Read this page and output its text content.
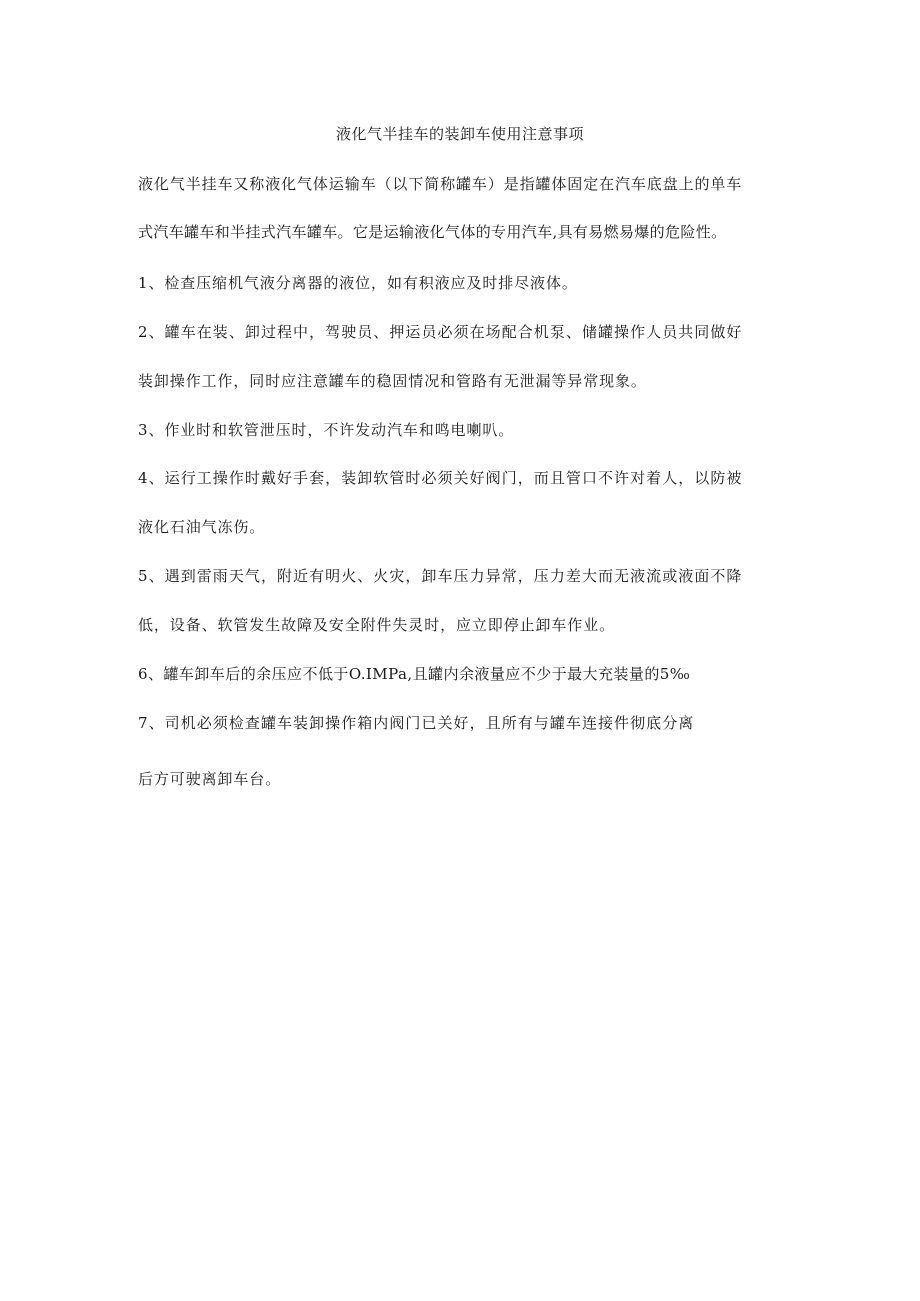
液化气半挂车的装卸车使用注意事项

液化气半挂车又称液化气体运输车（以下简称罐车）是指罐体固定在汽车底盘上的单车

式汽车罐车和半挂式汽车罐车。它是运输液化气体的专用汽车,具有易燃易爆的危险性。

1、检查压缩机气液分离器的液位，如有积液应及时排尽液体。

2、罐车在装、卸过程中，驾驶员、押运员必须在场配合机泵、储罐操作人员共同做好

装卸操作工作，同时应注意罐车的稳固情况和管路有无泄漏等异常现象。

3、作业时和软管泄压时，不许发动汽车和鸣电喇叭。

4、运行工操作时戴好手套，装卸软管时必须关好阀门，而且管口不许对着人，以防被

液化石油气冻伤。

5、遇到雷雨天气，附近有明火、火灾，卸车压力异常，压力差大而无液流或液面不降

低，设备、软管发生故障及安全附件失灵时，应立即停止卸车作业。

6、罐车卸车后的余压应不低于O.IMPa,且罐内余液量应不少于最大充装量的5‰

7、司机必须检查罐车装卸操作箱内阀门已关好，且所有与罐车连接件彻底分离

后方可驶离卸车台。
